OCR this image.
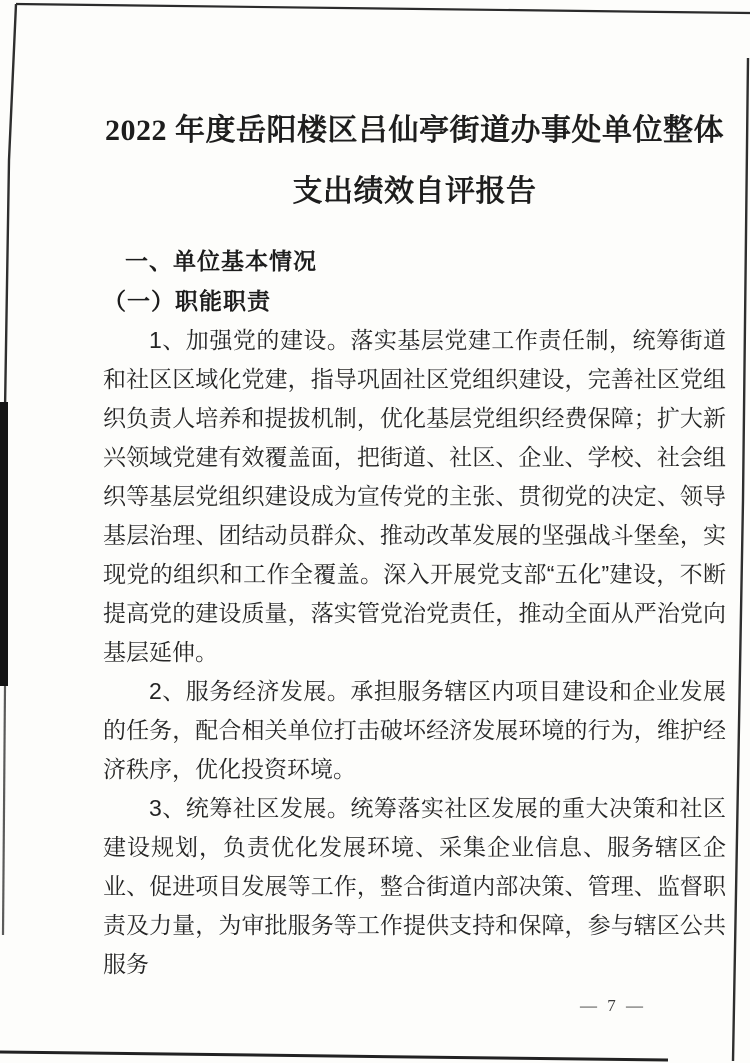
2022 年度岳阳楼区吕仙亭街道办事处单位整体
支出绩效自评报告
一、单位基本情况
（一）职能职责

1、加强党的建设。落实基层党建工作责任制，统筹街道和社区区域化党建，指导巩固社区党组织建设，完善社区党组织负责人培养和提拔机制，优化基层党组织经费保障；扩大新兴领域党建有效覆盖面，把街道、社区、企业、学校、社会组织等基层党组织建设成为宣传党的主张、贯彻党的决定、领导基层治理、团结动员群众、推动改革发展的坚强战斗堡垒，实现党的组织和工作全覆盖。深入开展党支部“五化”建设，不断提高党的建设质量，落实管党治党责任，推动全面从严治党向基层延伸。

2、服务经济发展。承担服务辖区内项目建设和企业发展的任务，配合相关单位打击破坏经济发展环境的行为，维护经济秩序，优化投资环境。

3、统筹社区发展。统筹落实社区发展的重大决策和社区建设规划，负责优化发展环境、采集企业信息、服务辖区企业、促进项目发展等工作，整合街道内部决策、管理、监督职责及力量，为审批服务等工作提供支持和保障，参与辖区公共服务

— 7 —
